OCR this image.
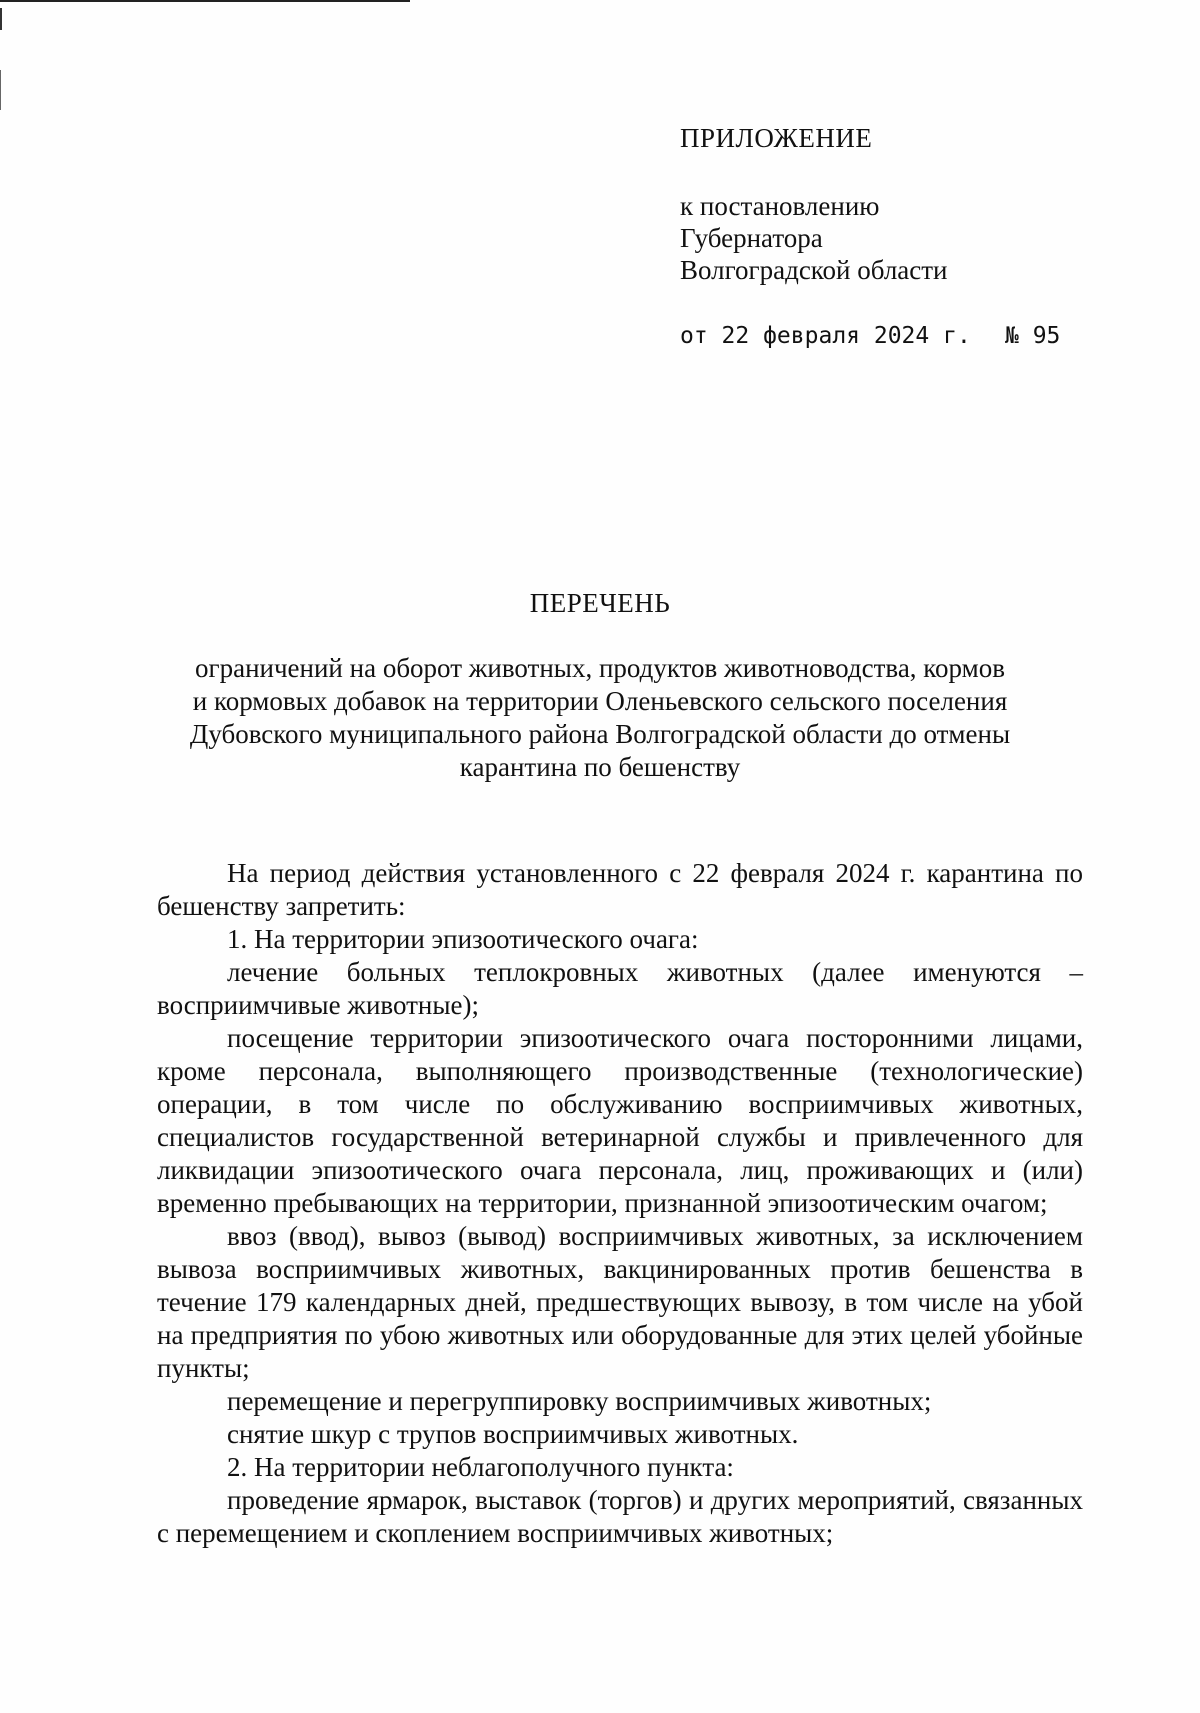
ПРИЛОЖЕНИЕ
к постановлению
Губернатора
Волгоградской области
от 22 февраля 2024 г. № 95
ПЕРЕЧЕНЬ
ограничений на оборот животных, продуктов животноводства, кормов
и кормовых добавок на территории Оленьевского сельского поселения
Дубовского муниципального района Волгоградской области до отмены
карантина по бешенству

На период действия установленного с 22 февраля 2024 г. карантина по бешенству запретить:

1. На территории эпизоотического очага:

лечение больных теплокровных животных (далее именуются – восприимчивые животные);

посещение территории эпизоотического очага посторонними лицами, кроме персонала, выполняющего производственные (технологические) операции, в том числе по обслуживанию восприимчивых животных, специалистов государственной ветеринарной службы и привлеченного для ликвидации эпизоотического очага персонала, лиц, проживающих и (или) временно пребывающих на территории, признанной эпизоотическим очагом;

ввоз (ввод), вывоз (вывод) восприимчивых животных, за исключением вывоза восприимчивых животных, вакцинированных против бешенства в течение 179 календарных дней, предшествующих вывозу, в том числе на убой на предприятия по убою животных или оборудованные для этих целей убойные пункты;

перемещение и перегруппировку восприимчивых животных;

снятие шкур с трупов восприимчивых животных.

2. На территории неблагополучного пункта:

проведение ярмарок, выставок (торгов) и других мероприятий, связанных с перемещением и скоплением восприимчивых животных;
